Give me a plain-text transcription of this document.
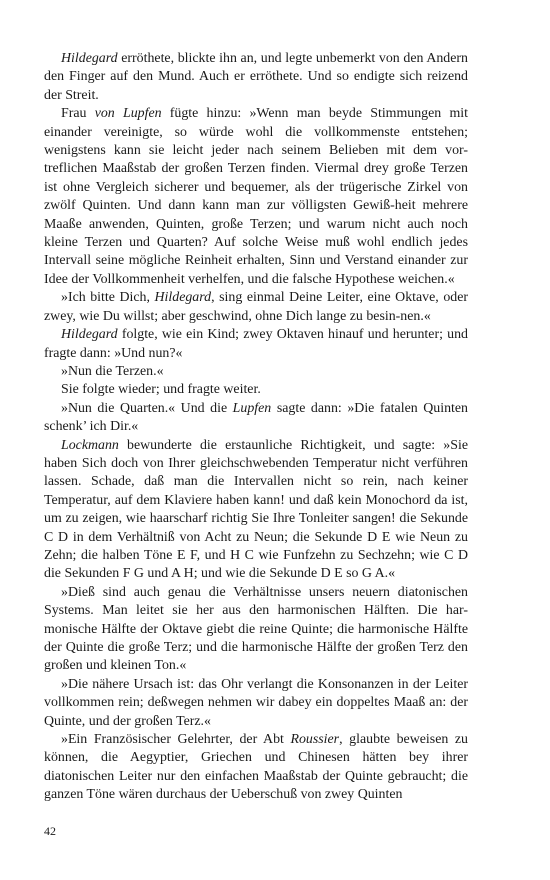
Hildegard erröthete, blickte ihn an, und legte unbemerkt von den Andern den Finger auf den Mund. Auch er erröthete. Und so endigte sich reizend der Streit.

Frau von Lupfen fügte hinzu: »Wenn man beyde Stimmungen mit einander vereinigte, so würde wohl die vollkommenste entstehen; wenigstens kann sie leicht jeder nach seinem Belieben mit dem vor-treflichen Maaßstab der großen Terzen finden. Viermal drey große Terzen ist ohne Vergleich sicherer und bequemer, als der trügerische Zirkel von zwölf Quinten. Und dann kann man zur völligsten Gewiß-heit mehrere Maaße anwenden, Quinten, große Terzen; und warum nicht auch noch kleine Terzen und Quarten? Auf solche Weise muß wohl endlich jedes Intervall seine mögliche Reinheit erhalten, Sinn und Verstand einander zur Idee der Vollkommenheit verhelfen, und die falsche Hypothese weichen.«

»Ich bitte Dich, Hildegard, sing einmal Deine Leiter, eine Oktave, oder zwey, wie Du willst; aber geschwind, ohne Dich lange zu besin-nen.«

Hildegard folgte, wie ein Kind; zwey Oktaven hinauf und herunter; und fragte dann: »Und nun?«

»Nun die Terzen.«

Sie folgte wieder; und fragte weiter.

»Nun die Quarten.« Und die Lupfen sagte dann: »Die fatalen Quinten schenk’ ich Dir.«

Lockmann bewunderte die erstaunliche Richtigkeit, und sagte: »Sie haben Sich doch von Ihrer gleichschwebenden Temperatur nicht verführen lassen. Schade, daß man die Intervallen nicht so rein, nach keiner Temperatur, auf dem Klaviere haben kann! und daß kein Monochord da ist, um zu zeigen, wie haarscharf richtig Sie Ihre Tonleiter sangen! die Sekunde C D in dem Verhältniß von Acht zu Neun; die Sekunde D E wie Neun zu Zehn; die halben Töne E F, und H C wie Funfzehn zu Sechzehn; wie C D die Sekunden F G und A H; und wie die Sekunde D E so G A.«

»Dieß sind auch genau die Verhältnisse unsers neuern diatonischen Systems. Man leitet sie her aus den harmonischen Hälften. Die har-monische Hälfte der Oktave giebt die reine Quinte; die harmonische Hälfte der Quinte die große Terz; und die harmonische Hälfte der großen Terz den großen und kleinen Ton.«

»Die nähere Ursach ist: das Ohr verlangt die Konsonanzen in der Leiter vollkommen rein; deßwegen nehmen wir dabey ein doppeltes Maaß an: der Quinte, und der großen Terz.«

»Ein Französischer Gelehrter, der Abt Roussier, glaubte beweisen zu können, die Aegyptier, Griechen und Chinesen hätten bey ihrer diatonischen Leiter nur den einfachen Maaßstab der Quinte gebraucht; die ganzen Töne wären durchaus der Ueberschuß von zwey Quinten

42
